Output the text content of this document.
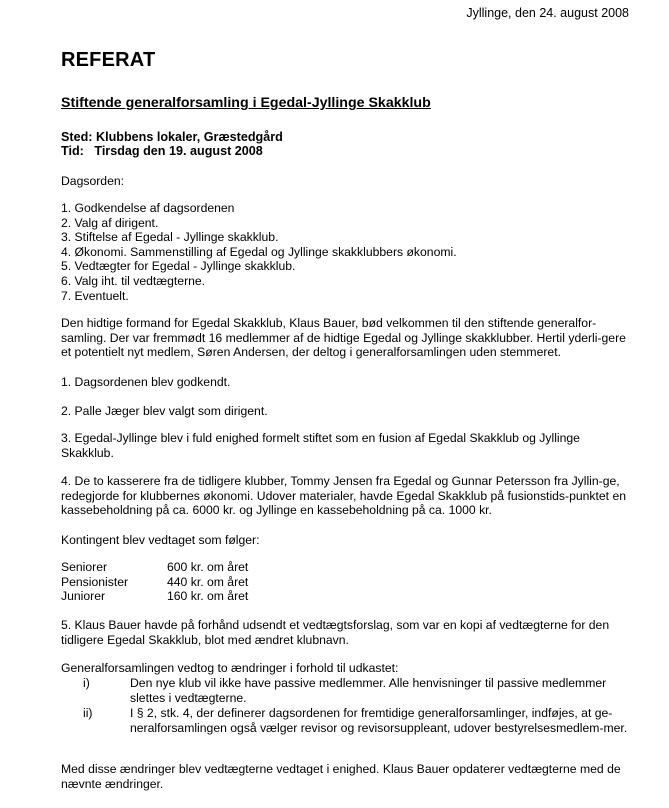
Jyllinge, den 24. august 2008
REFERAT
Stiftende generalforsamling i Egedal-Jyllinge Skakklub
Sted: Klubbens lokaler, Græstedgård
Tid:   Tirsdag den 19. august 2008
Dagsorden:
1. Godkendelse af dagsordenen
2. Valg af dirigent.
3. Stiftelse af Egedal - Jyllinge skakklub.
4. Økonomi. Sammenstilling af Egedal og Jyllinge skakklubbers økonomi.
5. Vedtægter for Egedal - Jyllinge skakklub.
6. Valg iht. til vedtægterne.
7. Eventuelt.
Den hidtige formand for Egedal Skakklub, Klaus Bauer, bød velkommen til den stiftende generalfor-samling. Der var fremmødt 16 medlemmer af de hidtige Egedal og Jyllinge skakklubber. Hertil yderli-gere et potentielt nyt medlem, Søren Andersen, der deltog i generalforsamlingen uden stemmeret.
1. Dagsordenen blev godkendt.
2. Palle Jæger blev valgt som dirigent.
3. Egedal-Jyllinge blev i fuld enighed formelt stiftet som en fusion af Egedal Skakklub og Jyllinge Skakklub.
4. De to kasserere fra de tidligere klubber, Tommy Jensen fra Egedal og Gunnar Petersson fra Jyllin-ge, redegjorde for klubbernes økonomi. Udover materialer, havde Egedal Skakklub på fusionstids-punktet en kassebeholdning på ca. 6000 kr. og Jyllinge en kassebeholdning på ca. 1000 kr.
Kontingent blev vedtaget som følger:
Seniorer	600 kr. om året
Pensionister	440 kr. om året
Juniorer	160 kr. om året
5. Klaus Bauer havde på forhånd udsendt et vedtægtsforslag, som var en kopi af vedtægterne for den tidligere Egedal Skakklub, blot med ændret klubnavn.
Generalforsamlingen vedtog to ændringer i forhold til udkastet:
i)	Den nye klub vil ikke have passive medlemmer. Alle henvisninger til passive medlemmer slettes i vedtægterne.
ii)	I § 2, stk. 4, der definerer dagsordenen for fremtidige generalforsamlinger, indføjes, at ge-neralforsamlingen også vælger revisor og revisorsuppleant, udover bestyrelsesmedlem-mer.
Med disse ændringer blev vedtægterne vedtaget i enighed. Klaus Bauer opdaterer vedtægterne med de nævnte ændringer.
